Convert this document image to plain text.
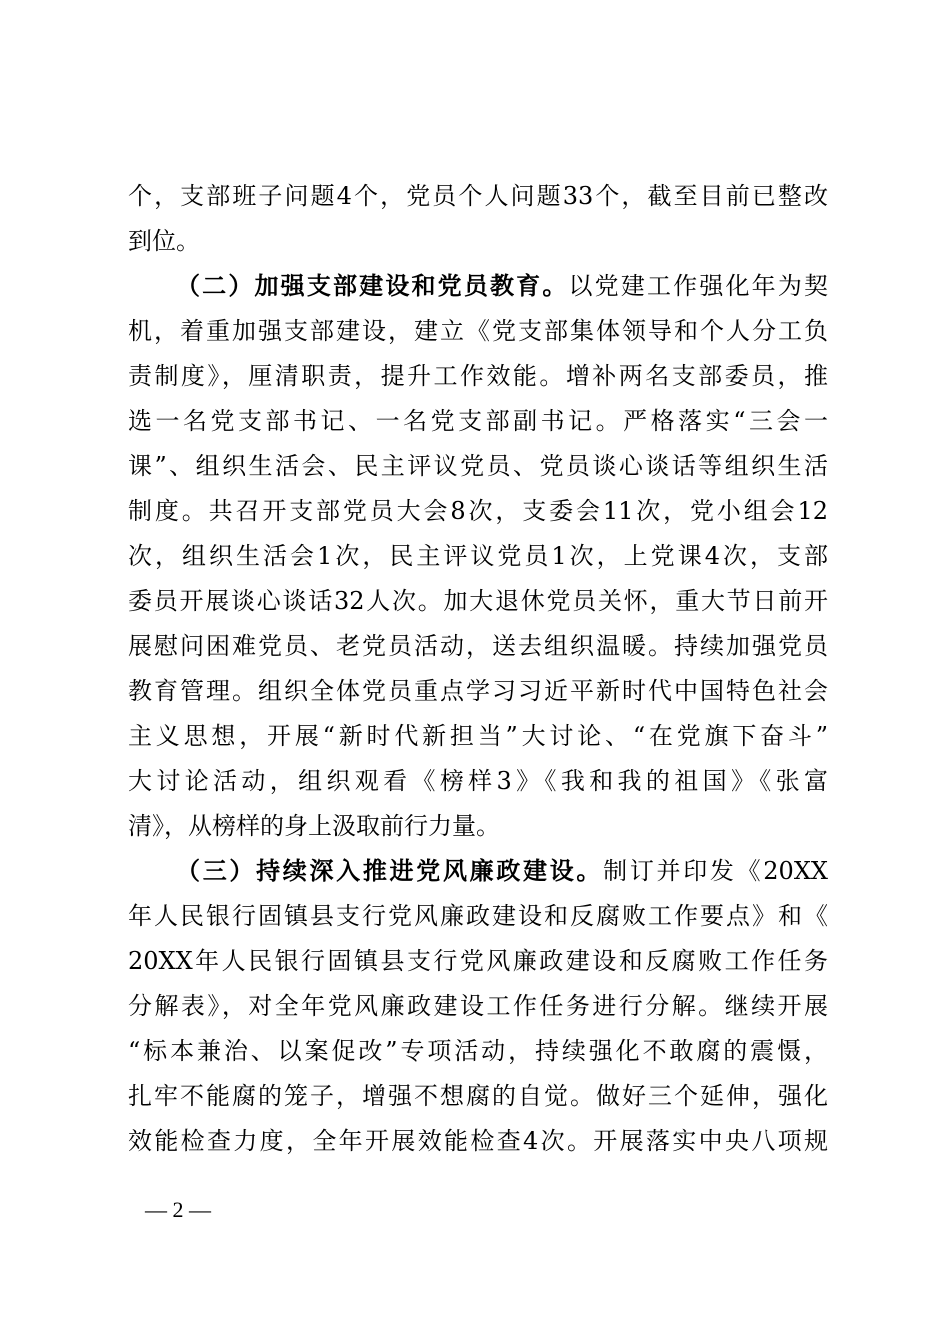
个，支部班子问题4个，党员个人问题33个，截至目前已整改
到位。
（二）加强支部建设和党员教育。以党建工作强化年为契
机，着重加强支部建设，建立《党支部集体领导和个人分工负
责制度》，厘清职责，提升工作效能。增补两名支部委员，推
选一名党支部书记、一名党支部副书记。严格落实“三会一
课”、组织生活会、民主评议党员、党员谈心谈话等组织生活
制度。共召开支部党员大会8次，支委会11次，党小组会12
次，组织生活会1次，民主评议党员1次，上党课4次，支部
委员开展谈心谈话32人次。加大退休党员关怀，重大节日前开
展慰问困难党员、老党员活动，送去组织温暖。持续加强党员
教育管理。组织全体党员重点学习习近平新时代中国特色社会
主义思想，开展“新时代新担当”大讨论、“在党旗下奋斗”
大讨论活动，组织观看《榜样3》《我和我的祖国》《张富
清》，从榜样的身上汲取前行力量。
（三）持续深入推进党风廉政建设。制订并印发《20XX
年人民银行固镇县支行党风廉政建设和反腐败工作要点》和《
20XX年人民银行固镇县支行党风廉政建设和反腐败工作任务
分解表》，对全年党风廉政建设工作任务进行分解。继续开展
“标本兼治、以案促改”专项活动，持续强化不敢腐的震慑，
扎牢不能腐的笼子，增强不想腐的自觉。做好三个延伸，强化
效能检查力度，全年开展效能检查4次。开展落实中央八项规
— 2 —
